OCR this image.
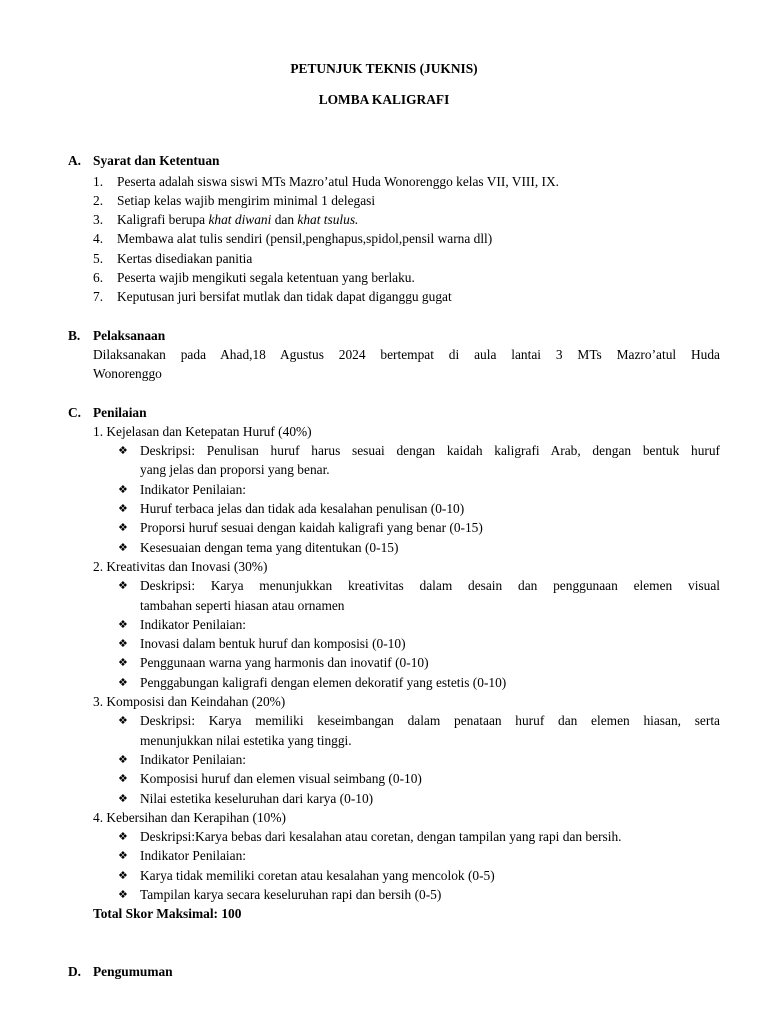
PETUNJUK TEKNIS (JUKNIS)
LOMBA KALIGRAFI
A. Syarat dan Ketentuan
1. Peserta adalah siswa siswi MTs Mazro’atul Huda Wonorenggo kelas VII, VIII, IX.
2. Setiap kelas wajib mengirim minimal 1 delegasi
3. Kaligrafi berupa khat diwani dan khat tsulus.
4. Membawa alat tulis sendiri (pensil,penghapus,spidol,pensil warna dll)
5. Kertas disediakan panitia
6. Peserta wajib mengikuti segala ketentuan yang berlaku.
7. Keputusan juri bersifat mutlak dan tidak dapat diganggu gugat
B. Pelaksanaan
Dilaksanakan pada Ahad,18 Agustus 2024 bertempat di aula lantai 3 MTs Mazro’atul Huda
Wonorenggo
C. Penilaian
1. Kejelasan dan Ketepatan Huruf (40%)
❖ Deskripsi: Penulisan huruf harus sesuai dengan kaidah kaligrafi Arab, dengan bentuk huruf
yang jelas dan proporsi yang benar.
❖ Indikator Penilaian:
❖ Huruf terbaca jelas dan tidak ada kesalahan penulisan (0-10)
❖ Proporsi huruf sesuai dengan kaidah kaligrafi yang benar (0-15)
❖ Kesesuaian dengan tema yang ditentukan (0-15)
2. Kreativitas dan Inovasi (30%)
❖ Deskripsi: Karya menunjukkan kreativitas dalam desain dan penggunaan elemen visual
tambahan seperti hiasan atau ornamen
❖ Indikator Penilaian:
❖ Inovasi dalam bentuk huruf dan komposisi (0-10)
❖ Penggunaan warna yang harmonis dan inovatif (0-10)
❖ Penggabungan kaligrafi dengan elemen dekoratif yang estetis (0-10)
3. Komposisi dan Keindahan (20%)
❖ Deskripsi: Karya memiliki keseimbangan dalam penataan huruf dan elemen hiasan, serta
menunjukkan nilai estetika yang tinggi.
❖ Indikator Penilaian:
❖ Komposisi huruf dan elemen visual seimbang (0-10)
❖ Nilai estetika keseluruhan dari karya (0-10)
4. Kebersihan dan Kerapihan (10%)
❖ Deskripsi:Karya bebas dari kesalahan atau coretan, dengan tampilan yang rapi dan bersih.
❖ Indikator Penilaian:
❖ Karya tidak memiliki coretan atau kesalahan yang mencolok (0-5)
❖ Tampilan karya secara keseluruhan rapi dan bersih (0-5)
Total Skor Maksimal: 100
D. Pengumuman
